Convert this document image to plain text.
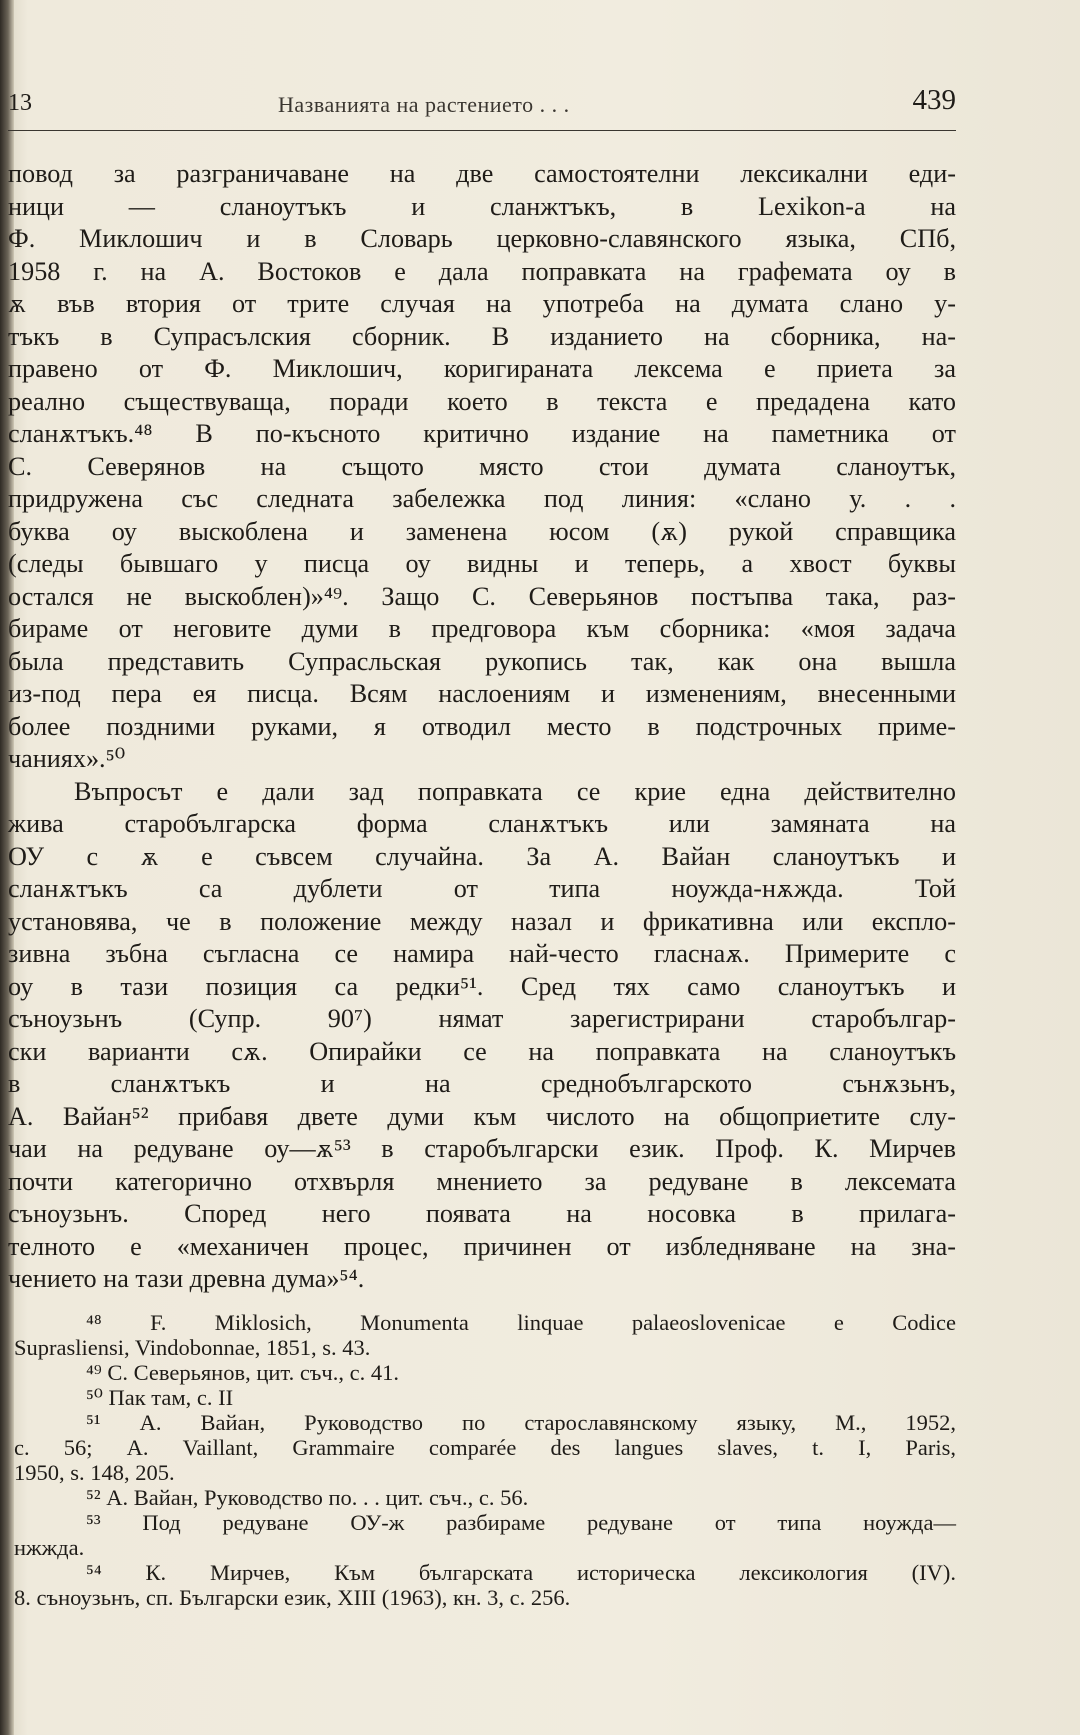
13	Названията на растението . . .	439
повод за разграничаване на две самостоятелни лексикални еди-
ници — сланоутъкъ и сланжтъкъ, в Lexikon-a на
Ф. Миклошич и в Словарь церковно-славянского языка, СПб,
1958 г. на А. Востоков е дала поправката на графемата оу в
ѫ във втория от трите случая на употреба на думата слано у-
тъкъ в Супрасълския сборник. В изданието на сборника, на-
правено от Ф. Миклошич, коригираната лексема е приета за
реално съществуваща, поради което в текста е предадена като
сланѫтъкъ.⁴⁸ В по-късното критично издание на паметника от
С. Северянов на същото място стои думата сланоутък,
придружена със следната забележка под линия: «слано у. . .
буква оу выскоблена и заменена юсом (ѫ) рукой справщика
(следы бывшаго у писца оу видны и теперь, а хвост буквы
остался не выскоблен)»⁴⁹. Защо С. Северьянов постъпва така, раз-
бираме от неговите думи в предговора към сборника: «моя задача
была представить Супрасльская рукопись так, как она вышла
из-под пера ея писца. Всям наслоениям и изменениям, внесенными
более поздними руками, я отводил место в подстрочных приме-
чаниях».⁵⁰
Въпросът е дали зад поправката се крие една действително
жива старобългарска форма сланѫтъкъ или замяната на
ОУ с ѫ е съвсем случайна. За А. Вайан сланоутъкъ и
сланѫтъкъ са дублети от типа ноужда-нѫжда. Той
установява, че в положение между назал и фрикативна или експло-
зивна зъбна съгласна се намира най-често гласнаѫ. Примерите с
оу в тази позиция са редки⁵¹. Сред тях само сланоутъкъ и
съноузьнъ (Супр. 90⁷) нямат зарегистрирани старобългар-
ски варианти сѫ. Опирайки се на поправката на сланоутъкъ
в сланѫтъкъ и на среднобългарското сънѫзьнъ,
А. Вайан⁵² прибавя двете думи към числото на общоприетите слу-
чаи на редуване оу—ѫ⁵³ в старобългарски език. Проф. К. Мирчев
почти категорично отхвърля мнението за редуване в лексемата
съноузьнъ. Според него появата на носовка в прилага-
телното е «механичен процес, причинен от избледняване на зна-
чението на тази древна дума»⁵⁴.
⁴⁸ F. Miklosich, Monumenta linquae palaeoslovenicae e Codice
Suprasliensi, Vindobonnae, 1851, s. 43.
⁴⁹ С. Северьянов, цит. съч., с. 41.
⁵⁰ Пак там, с. II
⁵¹ А. Вайан, Руководство по старославянскому языку, М., 1952,
с. 56; А. Vaillant, Grammaire comparée des langues slaves, t. I, Paris,
1950, s. 148, 205.
⁵² А. Вайан, Руководство по. . . цит. съч., с. 56.
⁵³ Под редуване ОУ-ж разбираме редуване от типа ноужда—
нжжда.
⁵⁴ К. Мирчев, Към българската историческа лексикология (IV).
8. съноузьнъ, сп. Български език, XIII (1963), кн. 3, с. 256.
